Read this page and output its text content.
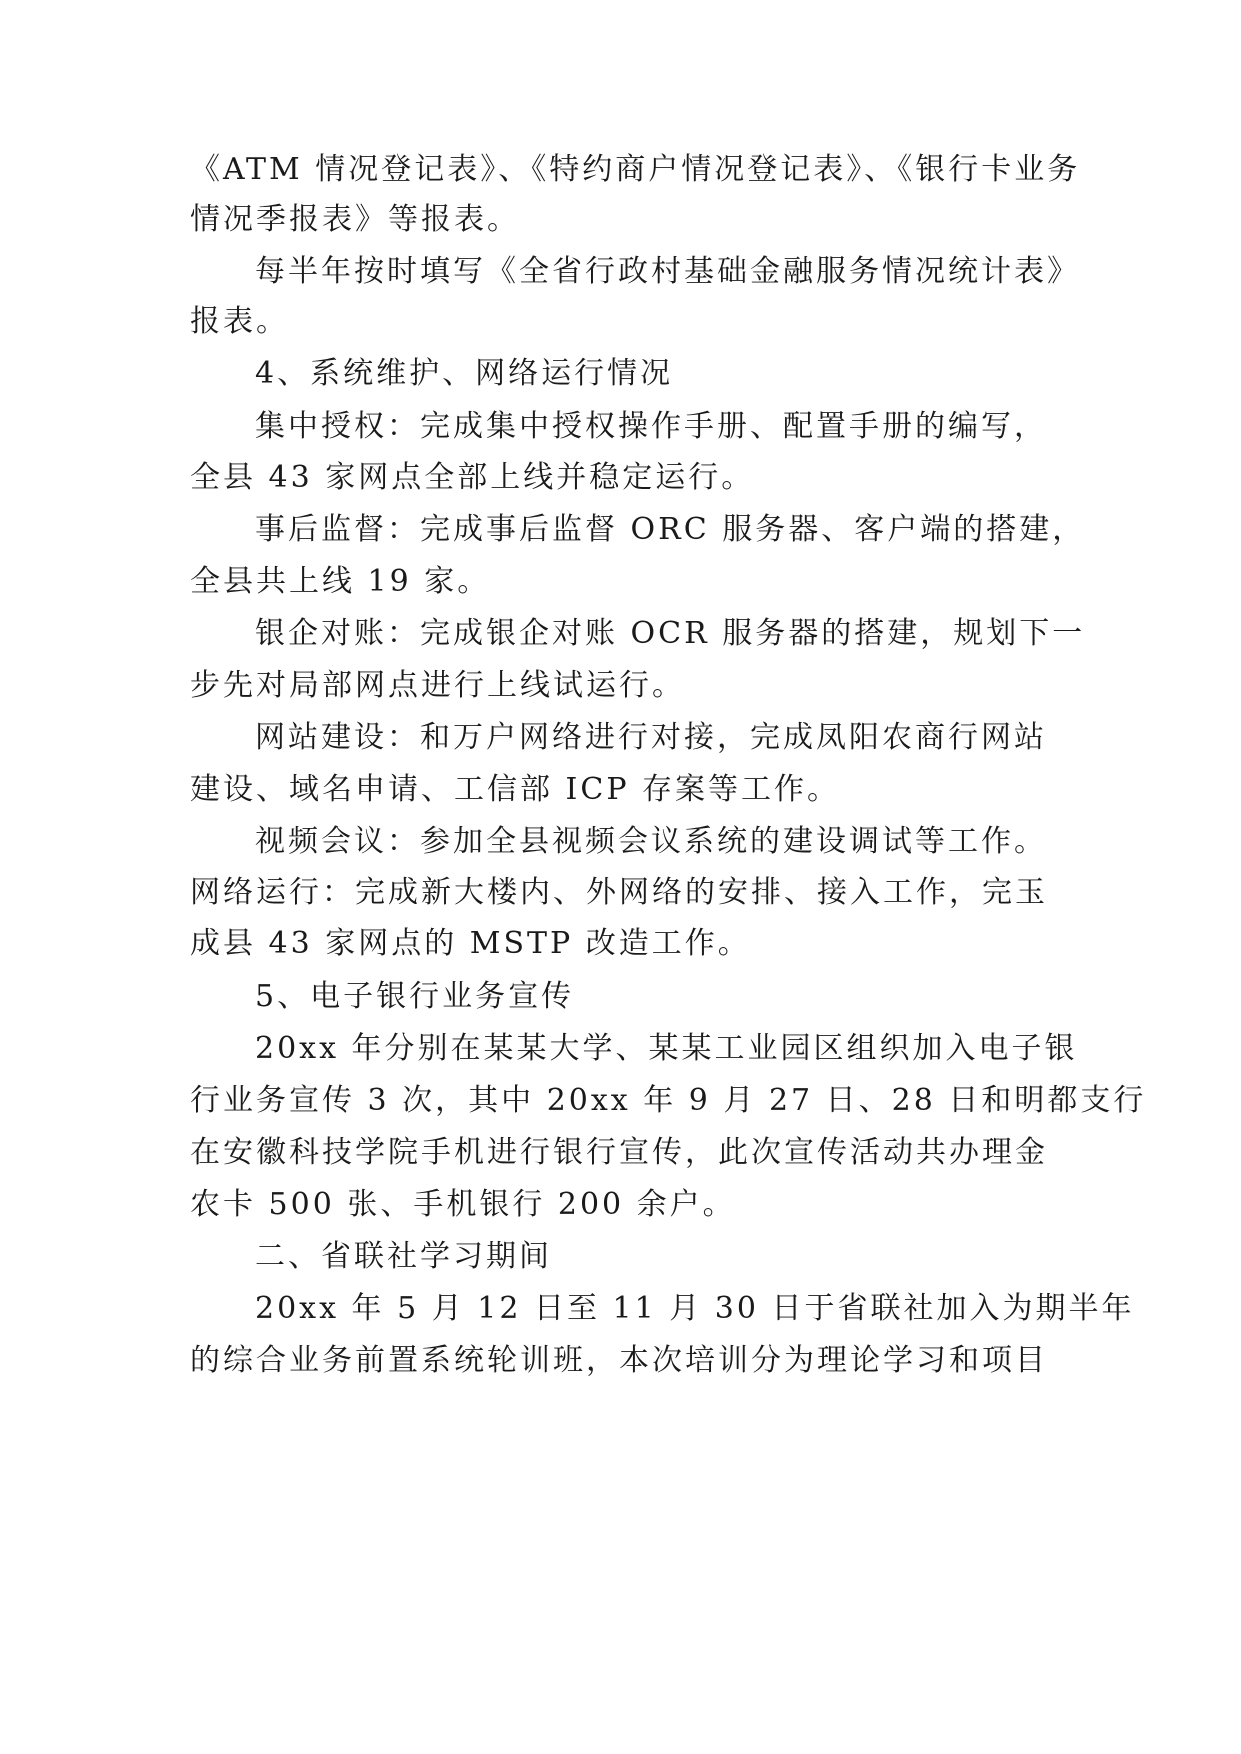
《ATM 情况登记表》、《特约商户情况登记表》、《银行卡业务
情况季报表》等报表。
每半年按时填写《全省行政村基础金融服务情况统计表》
报表。
4、系统维护、网络运行情况
集中授权：完成集中授权操作手册、配置手册的编写，
全县 43 家网点全部上线并稳定运行。
事后监督：完成事后监督 ORC 服务器、客户端的搭建，
全县共上线 19 家。
银企对账：完成银企对账 OCR 服务器的搭建，规划下一
步先对局部网点进行上线试运行。
网站建设：和万户网络进行对接，完成凤阳农商行网站
建设、域名申请、工信部 ICP 存案等工作。
视频会议：参加全县视频会议系统的建设调试等工作。
网络运行：完成新大楼内、外网络的安排、接入工作，完玉
成县 43 家网点的 MSTP 改造工作。
5、电子银行业务宣传
20xx 年分别在某某大学、某某工业园区组织加入电子银
行业务宣传 3 次，其中 20xx 年 9 月 27 日、28 日和明都支行
在安徽科技学院手机进行银行宣传，此次宣传活动共办理金
农卡 500 张、手机银行 200 余户。
二、省联社学习期间
20xx 年 5 月 12 日至 11 月 30 日于省联社加入为期半年
的综合业务前置系统轮训班，本次培训分为理论学习和项目
